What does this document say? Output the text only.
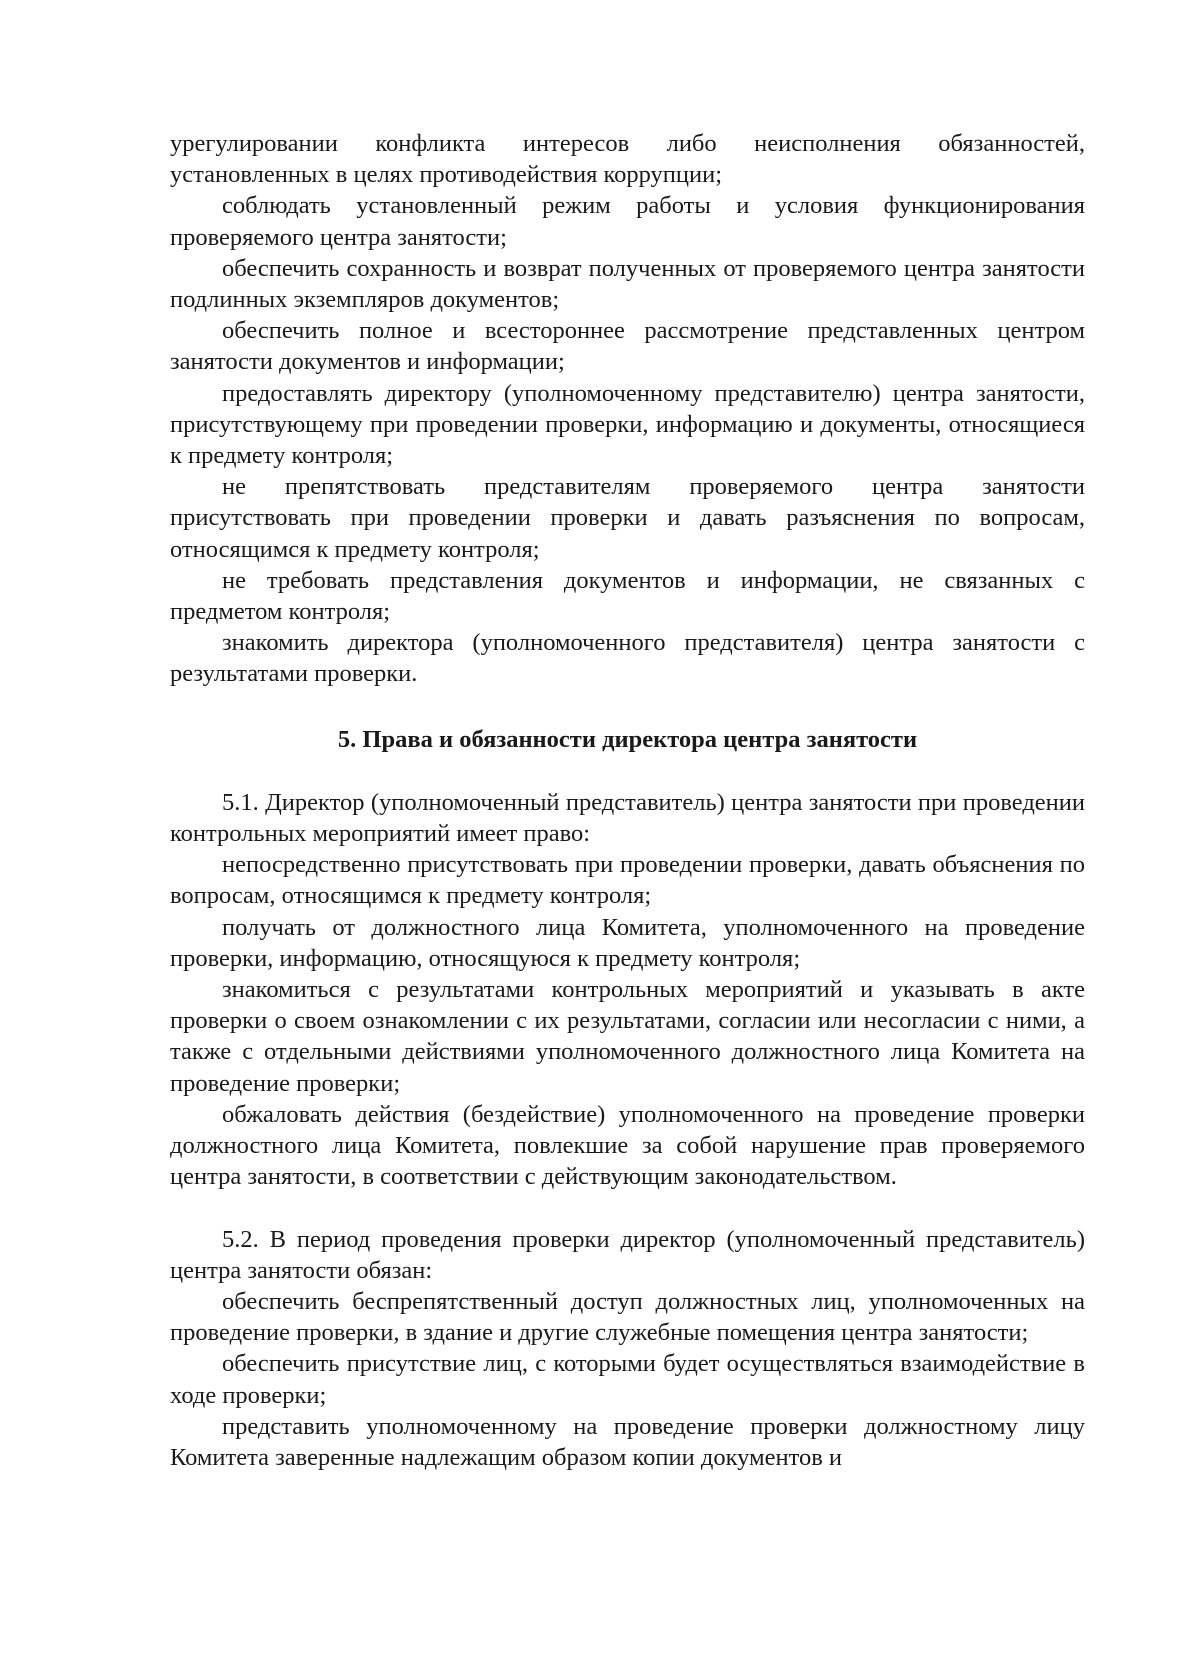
урегулировании конфликта интересов либо неисполнения обязанностей, установленных в целях противодействия коррупции;

соблюдать установленный режим работы и условия функционирования проверяемого центра занятости;

обеспечить сохранность и возврат полученных от проверяемого центра занятости подлинных экземпляров документов;

обеспечить полное и всестороннее рассмотрение представленных центром занятости документов и информации;

предоставлять директору (уполномоченному представителю) центра занятости, присутствующему при проведении проверки, информацию и документы, относящиеся к предмету контроля;

не препятствовать представителям проверяемого центра занятости присутствовать при проведении проверки и давать разъяснения по вопросам, относящимся к предмету контроля;

не требовать представления документов и информации, не связанных с предметом контроля;

знакомить директора (уполномоченного представителя) центра занятости с результатами проверки.

5. Права и обязанности директора центра занятости

5.1. Директор (уполномоченный представитель) центра занятости при проведении контрольных мероприятий имеет право:

непосредственно присутствовать при проведении проверки, давать объяснения по вопросам, относящимся к предмету контроля;

получать от должностного лица Комитета, уполномоченного на проведение проверки, информацию, относящуюся к предмету контроля;

знакомиться с результатами контрольных мероприятий и указывать в акте проверки о своем ознакомлении с их результатами, согласии или несогласии с ними, а также с отдельными действиями уполномоченного должностного лица Комитета на проведение проверки;

обжаловать действия (бездействие) уполномоченного на проведение проверки должностного лица Комитета, повлекшие за собой нарушение прав проверяемого центра занятости, в соответствии с действующим законодательством.

5.2. В период проведения проверки директор (уполномоченный представитель) центра занятости обязан:

обеспечить беспрепятственный доступ должностных лиц, уполномоченных на проведение проверки, в здание и другие служебные помещения центра занятости;

обеспечить присутствие лиц, с которыми будет осуществляться взаимодействие в ходе проверки;

представить уполномоченному на проведение проверки должностному лицу Комитета заверенные надлежащим образом копии документов и
